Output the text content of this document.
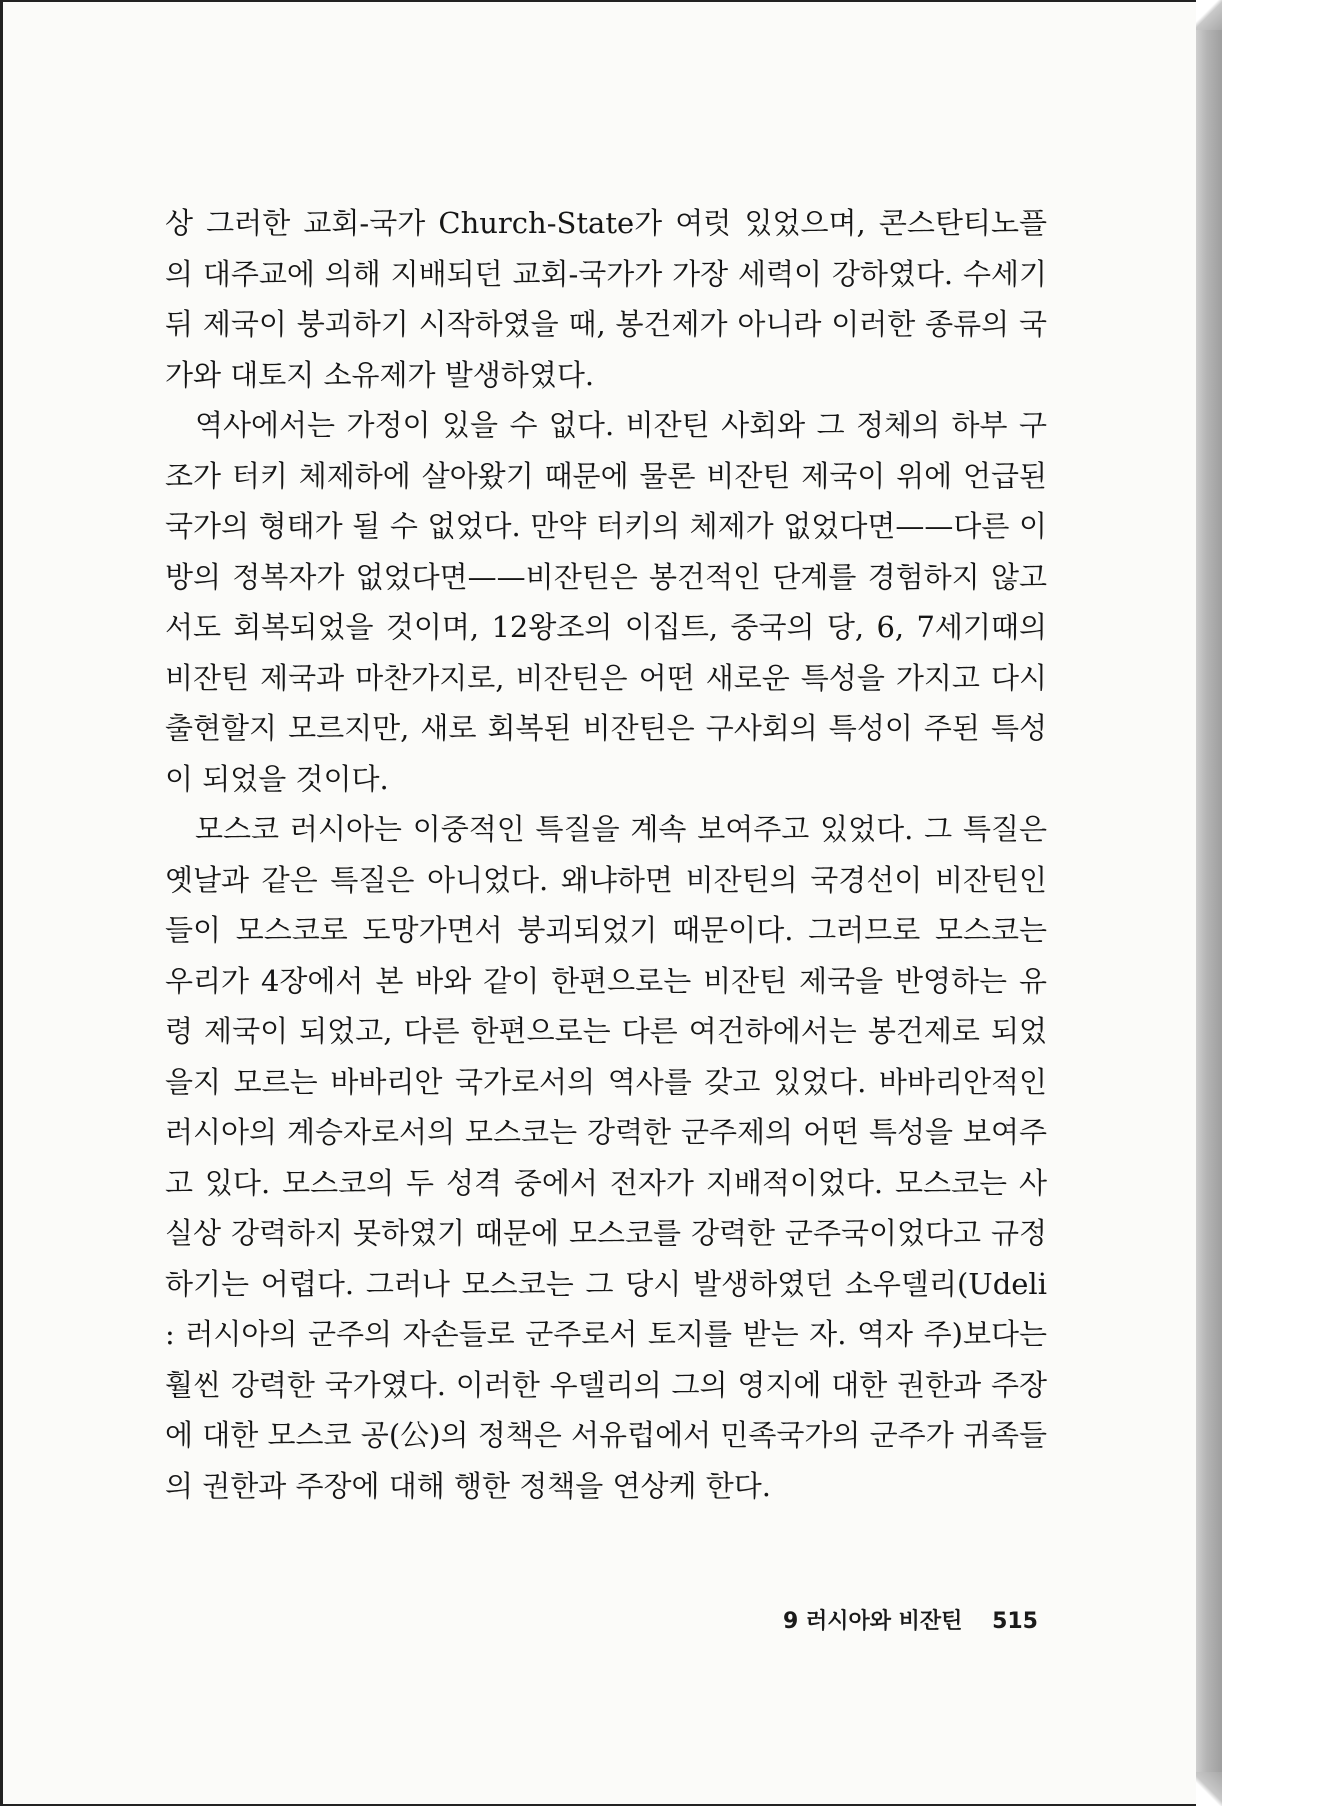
상 그러한 교회-국가 Church-State가 여럿 있었으며, 콘스탄티노플의 대주교에 의해 지배되던 교회-국가가 가장 세력이 강하였다. 수세기 뒤 제국이 붕괴하기 시작하였을 때, 봉건제가 아니라 이러한 종류의 국가와 대토지 소유제가 발생하였다.

역사에서는 가정이 있을 수 없다. 비잔틴 사회와 그 정체의 하부 구조가 터키 체제하에 살아왔기 때문에 물론 비잔틴 제국이 위에 언급된 국가의 형태가 될 수 없었다. 만약 터키의 체제가 없었다면——다른 이방의 정복자가 없었다면——비잔틴은 봉건적인 단계를 경험하지 않고서도 회복되었을 것이며, 12왕조의 이집트, 중국의 당, 6, 7세기때의 비잔틴 제국과 마찬가지로, 비잔틴은 어떤 새로운 특성을 가지고 다시 출현할지 모르지만, 새로 회복된 비잔틴은 구사회의 특성이 주된 특성이 되었을 것이다.

모스코 러시아는 이중적인 특질을 계속 보여주고 있었다. 그 특질은 옛날과 같은 특질은 아니었다. 왜냐하면 비잔틴의 국경선이 비잔틴인들이 모스코로 도망가면서 붕괴되었기 때문이다. 그러므로 모스코는 우리가 4장에서 본 바와 같이 한편으로는 비잔틴 제국을 반영하는 유령 제국이 되었고, 다른 한편으로는 다른 여건하에서는 봉건제로 되었을지 모르는 바바리안 국가로서의 역사를 갖고 있었다. 바바리안적인 러시아의 계승자로서의 모스코는 강력한 군주제의 어떤 특성을 보여주고 있다. 모스코의 두 성격 중에서 전자가 지배적이었다. 모스코는 사실상 강력하지 못하였기 때문에 모스코를 강력한 군주국이었다고 규정하기는 어렵다. 그러나 모스코는 그 당시 발생하였던 소우델리(Udeli : 러시아의 군주의 자손들로 군주로서 토지를 받는 자. 역자 주)보다는 훨씬 강력한 국가였다. 이러한 우델리의 그의 영지에 대한 권한과 주장에 대한 모스코 공(公)의 정책은 서유럽에서 민족국가의 군주가 귀족들의 권한과 주장에 대해 행한 정책을 연상케 한다.

9 러시아와 비잔틴 515
